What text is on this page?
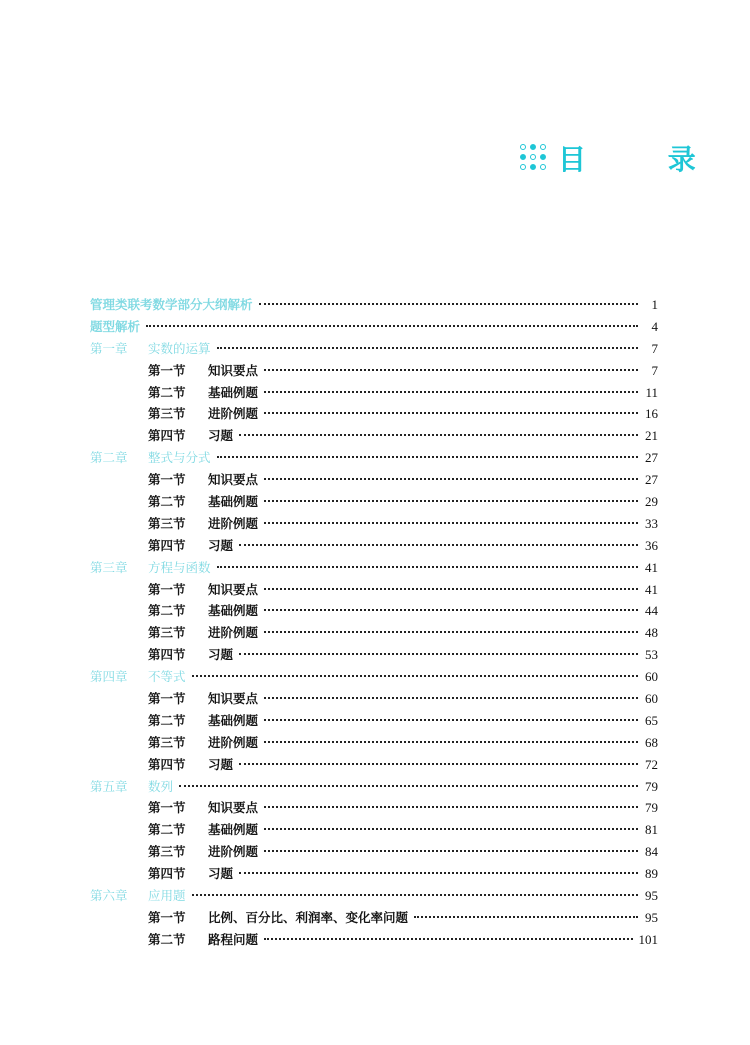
目 录
管理类联考数学部分大纲解析	1
题型解析	4
第一章	实数的运算	7
第一节	知识要点	7
第二节	基础例题	11
第三节	进阶例题	16
第四节	习题	21
第二章	整式与分式	27
第一节	知识要点	27
第二节	基础例题	29
第三节	进阶例题	33
第四节	习题	36
第三章	方程与函数	41
第一节	知识要点	41
第二节	基础例题	44
第三节	进阶例题	48
第四节	习题	53
第四章	不等式	60
第一节	知识要点	60
第二节	基础例题	65
第三节	进阶例题	68
第四节	习题	72
第五章	数列	79
第一节	知识要点	79
第二节	基础例题	81
第三节	进阶例题	84
第四节	习题	89
第六章	应用题	95
第一节	比例、百分比、利润率、变化率问题	95
第二节	路程问题	101
